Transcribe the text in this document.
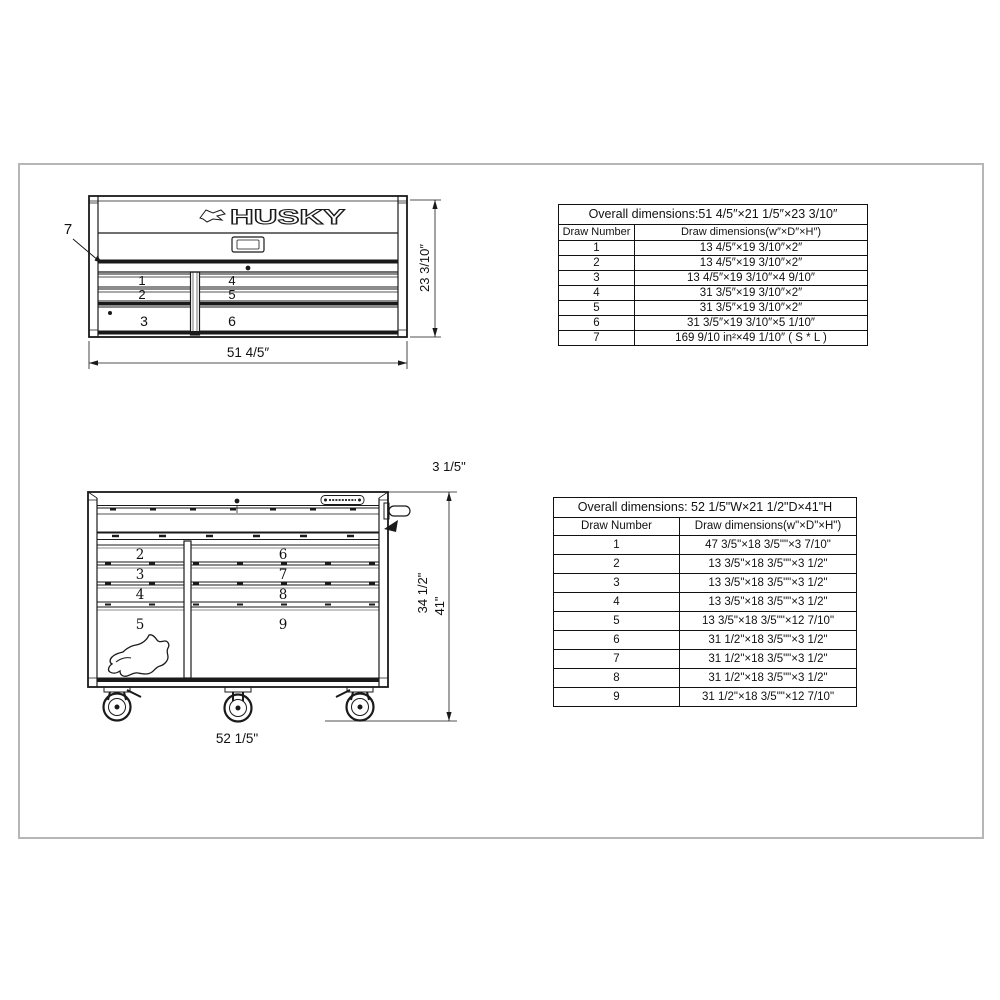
HUSKY
1
2
3
4
5
6
7
51 4/5″
23 3/10″
2
3
4
5
6
7
8
9
3 1/5"
34 1/2" 41"
52 1/5"
Overall dimensions:51 4/5″×21 1/5″×23 3/10″	
Draw Number	Draw dimensions(w″×D″×H″)
1	13 4/5″×19 3/10″×2″
2	13 4/5″×19 3/10″×2″
3	13 4/5″×19 3/10″×4 9/10″
4	31 3/5″×19 3/10″×2″
5	31 3/5″×19 3/10″×2″
6	31 3/5″×19 3/10″×5 1/10″
7	169 9/10 in²×49 1/10″ ( S * L )
Overall dimensions: 52 1/5"W×21 1/2"D×41"H	
Draw Number	Draw dimensions(w"×D"×H")
1	47 3/5"×18 3/5""×3 7/10"
2	13 3/5"×18 3/5""×3 1/2"
3	13 3/5"×18 3/5""×3 1/2"
4	13 3/5"×18 3/5""×3 1/2"
5	13 3/5"×18 3/5""×12 7/10"
6	31 1/2"×18 3/5""×3 1/2"
7	31 1/2"×18 3/5""×3 1/2"
8	31 1/2"×18 3/5""×3 1/2"
9	31 1/2"×18 3/5""×12 7/10"
